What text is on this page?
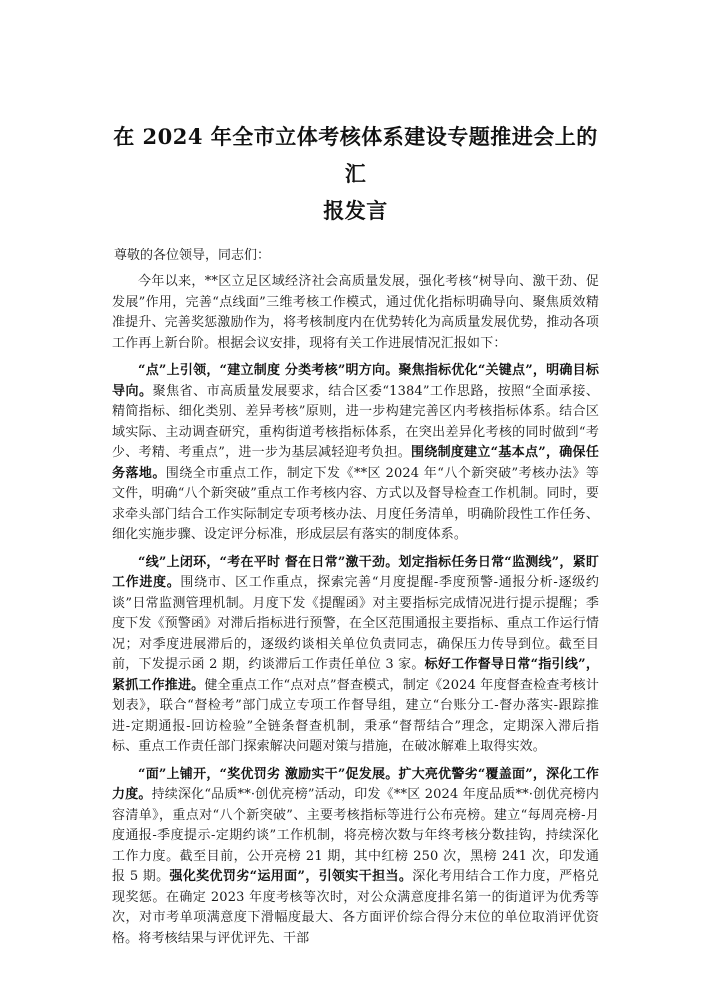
在 2024 年全市立体考核体系建设专题推进会上的汇
报发言
尊敬的各位领导，同志们：

今年以来，**区立足区域经济社会高质量发展，强化考核“树导向、激干劲、促发展”作用，完善“点线面”三维考核工作模式，通过优化指标明确导向、聚焦质效精准提升、完善奖惩激励作为，将考核制度内在优势转化为高质量发展优势，推动各项工作再上新台阶。根据会议安排，现将有关工作进展情况汇报如下：

“点”上引领，“建立制度 分类考核”明方向。聚焦指标优化“关键点”，明确目标导向。聚焦省、市高质量发展要求，结合区委“1384”工作思路，按照“全面承接、精简指标、细化类别、差异考核”原则，进一步构建完善区内考核指标体系。结合区域实际、主动调查研究，重构街道考核指标体系，在突出差异化考核的同时做到“考少、考精、考重点”，进一步为基层减轻迎考负担。围绕制度建立“基本点”，确保任务落地。围绕全市重点工作，制定下发《**区 2024 年“八个新突破”考核办法》等文件，明确“八个新突破”重点工作考核内容、方式以及督导检查工作机制。同时，要求牵头部门结合工作实际制定专项考核办法、月度任务清单，明确阶段性工作任务、细化实施步骤、设定评分标准，形成层层有落实的制度体系。

“线”上闭环，“考在平时 督在日常”激干劲。划定指标任务日常“监测线”，紧盯工作进度。围绕市、区工作重点，探索完善“月度提醒-季度预警-通报分析-逐级约谈”日常监测管理机制。月度下发《提醒函》对主要指标完成情况进行提示提醒；季度下发《预警函》对滞后指标进行预警，在全区范围通报主要指标、重点工作运行情况；对季度进展滞后的，逐级约谈相关单位负责同志，确保压力传导到位。截至目前，下发提示函 2 期，约谈滞后工作责任单位 3 家。标好工作督导日常“指引线”，紧抓工作推进。健全重点工作“点对点”督查模式，制定《2024 年度督查检查考核计划表》，联合“督检考”部门成立专项工作督导组，建立“台账分工-督办落实-跟踪推进-定期通报-回访检验”全链条督查机制，秉承“督帮结合”理念，定期深入滞后指标、重点工作责任部门探索解决问题对策与措施，在破冰解难上取得实效。

“面”上铺开，“奖优罚劣 激励实干”促发展。扩大亮优警劣“覆盖面”，深化工作力度。持续深化“品质**·创优亮榜”活动，印发《**区 2024 年度品质**·创优亮榜内容清单》，重点对“八个新突破”、主要考核指标等进行公布亮榜。建立“每周亮榜-月度通报-季度提示-定期约谈”工作机制，将亮榜次数与年终考核分数挂钩，持续深化工作力度。截至目前，公开亮榜 21 期，其中红榜 250 次，黑榜 241 次，印发通报 5 期。强化奖优罚劣“运用面”，引领实干担当。深化考用结合工作力度，严格兑现奖惩。在确定 2023 年度考核等次时，对公众满意度排名第一的街道评为优秀等次，对市考单项满意度下滑幅度最大、各方面评价综合得分末位的单位取消评优资格。将考核结果与评优评先、干部
